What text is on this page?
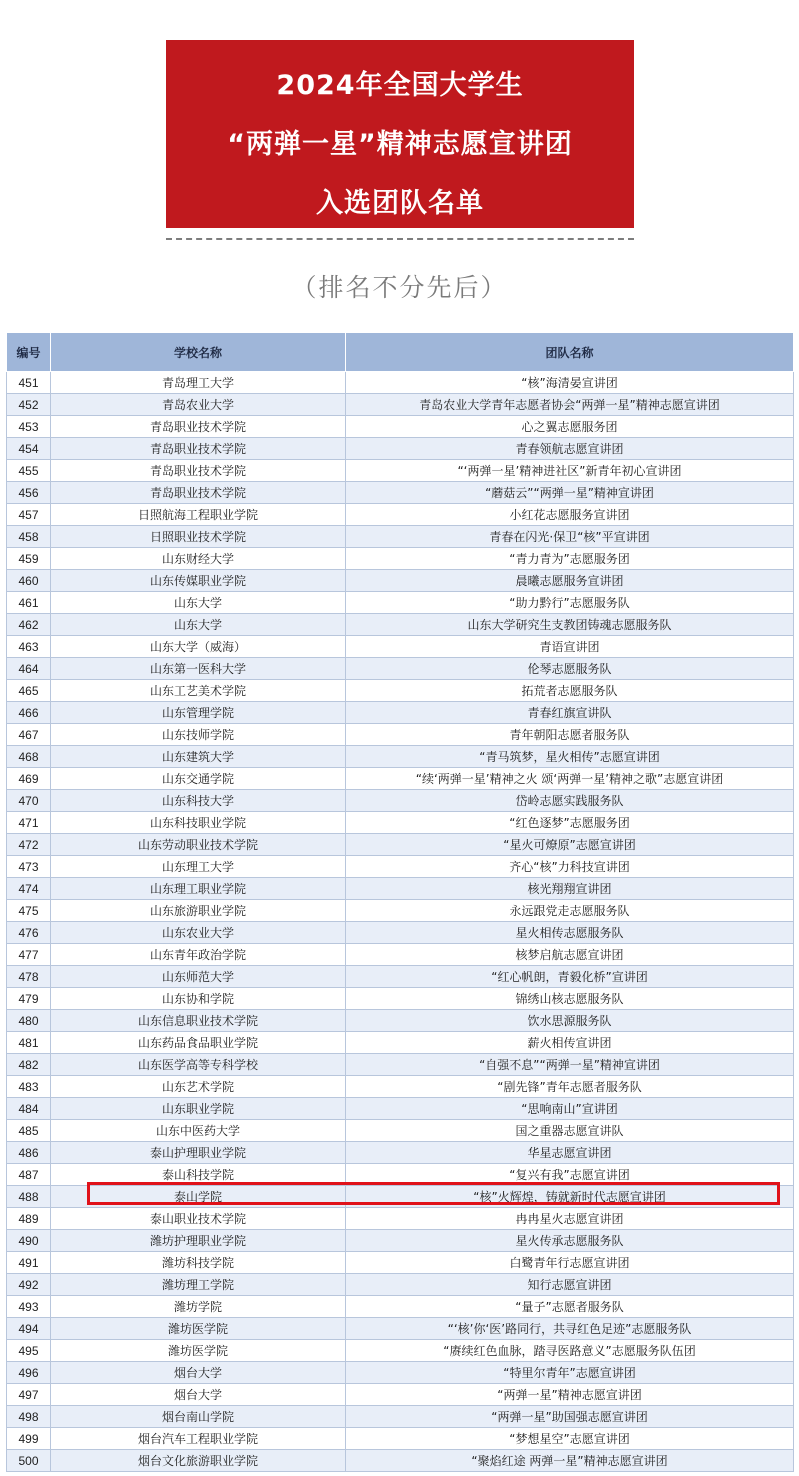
2024年全国大学生
“两弹一星”精神志愿宣讲团
入选团队名单
（排名不分先后）
编号	学校名称	团队名称
451	青岛理工大学	“核”海清晏宣讲团
452	青岛农业大学	青岛农业大学青年志愿者协会“两弹一星”精神志愿宣讲团
453	青岛职业技术学院	心之翼志愿服务团
454	青岛职业技术学院	青春领航志愿宣讲团
455	青岛职业技术学院	“‘两弹一星’精神进社区”新青年初心宣讲团
456	青岛职业技术学院	“蘑菇云”“两弹一星”精神宣讲团
457	日照航海工程职业学院	小红花志愿服务宣讲团
458	日照职业技术学院	青春在闪光·保卫“核”平宣讲团
459	山东财经大学	“青力青为”志愿服务团
460	山东传媒职业学院	晨曦志愿服务宣讲团
461	山东大学	“助力黔行”志愿服务队
462	山东大学	山东大学研究生支教团铸魂志愿服务队
463	山东大学（威海）	青语宣讲团
464	山东第一医科大学	伦琴志愿服务队
465	山东工艺美术学院	拓荒者志愿服务队
466	山东管理学院	青春红旗宣讲队
467	山东技师学院	青年朝阳志愿者服务队
468	山东建筑大学	“青马筑梦，星火相传”志愿宣讲团
469	山东交通学院	“续‘两弹一星’精神之火 颂‘两弹一星’精神之歌”志愿宣讲团
470	山东科技大学	岱岭志愿实践服务队
471	山东科技职业学院	“红色逐梦”志愿服务团
472	山东劳动职业技术学院	“星火可燎原”志愿宣讲团
473	山东理工大学	齐心“核”力科技宣讲团
474	山东理工职业学院	核光翔翔宣讲团
475	山东旅游职业学院	永远跟党走志愿服务队
476	山东农业大学	星火相传志愿服务队
477	山东青年政治学院	核梦启航志愿宣讲团
478	山东师范大学	“红心帆朗，青毅化桥”宣讲团
479	山东协和学院	锦绣山核志愿服务队
480	山东信息职业技术学院	饮水思源服务队
481	山东药品食品职业学院	薪火相传宣讲团
482	山东医学高等专科学校	“自强不息”“两弹一星”精神宣讲团
483	山东艺术学院	“剧先锋”青年志愿者服务队
484	山东职业学院	“思响南山”宣讲团
485	山东中医药大学	国之重器志愿宣讲队
486	泰山护理职业学院	华星志愿宣讲团
487	泰山科技学院	“复兴有我”志愿宣讲团
488	泰山学院	“核”火辉煌，铸就新时代志愿宣讲团
489	泰山职业技术学院	冉冉星火志愿宣讲团
490	潍坊护理职业学院	星火传承志愿服务队
491	潍坊科技学院	白鹭青年行志愿宣讲团
492	潍坊理工学院	知行志愿宣讲团
493	潍坊学院	“量子”志愿者服务队
494	潍坊医学院	“‘核’你‘医’路同行，共寻红色足迹”志愿服务队
495	潍坊医学院	“赓续红色血脉，踏寻医路意义”志愿服务队伍团
496	烟台大学	“特里尔青年”志愿宣讲团
497	烟台大学	“两弹一星”精神志愿宣讲团
498	烟台南山学院	“两弹一星”助国强志愿宣讲团
499	烟台汽车工程职业学院	“梦想星空”志愿宣讲团
500	烟台文化旅游职业学院	“聚焰红途 两弹一星”精神志愿宣讲团
